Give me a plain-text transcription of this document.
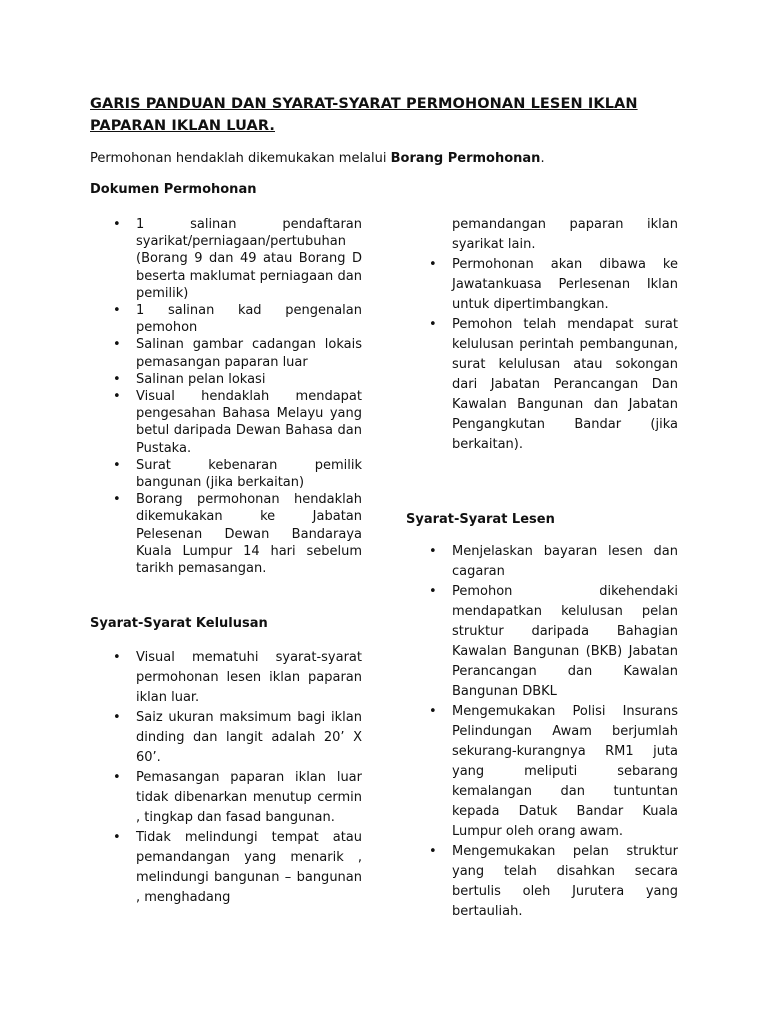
GARIS PANDUAN DAN SYARAT-SYARAT PERMOHONAN LESEN IKLAN PAPARAN IKLAN LUAR.
Permohonan hendaklah dikemukakan melalui Borang Permohonan.
Dokumen Permohonan
• 1 salinan pendaftaran syarikat/perniagaan/pertubuhan (Borang 9 dan 49 atau Borang D beserta maklumat perniagaan dan pemilik)
• 1 salinan kad pengenalan pemohon
• Salinan gambar cadangan lokais pemasangan paparan luar
• Salinan pelan lokasi
• Visual hendaklah mendapat pengesahan Bahasa Melayu yang betul daripada Dewan Bahasa dan Pustaka.
• Surat kebenaran pemilik bangunan (jika berkaitan)
• Borang permohonan hendaklah dikemukakan ke Jabatan Pelesenan Dewan Bandaraya Kuala Lumpur 14 hari sebelum tarikh pemasangan.
Syarat-Syarat Kelulusan
• Visual mematuhi syarat-syarat permohonan lesen iklan paparan iklan luar.
• Saiz ukuran maksimum bagi iklan dinding dan langit adalah 20’ X 60’.
• Pemasangan paparan iklan luar tidak dibenarkan menutup cermin , tingkap dan fasad bangunan.
• Tidak melindungi tempat atau pemandangan yang menarik , melindungi bangunan – bangunan , menghadang
pemandangan paparan iklan syarikat lain.
• Permohonan akan dibawa ke Jawatankuasa Perlesenan Iklan untuk dipertimbangkan.
• Pemohon telah mendapat surat kelulusan perintah pembangunan, surat kelulusan atau sokongan dari Jabatan Perancangan Dan Kawalan Bangunan dan Jabatan Pengangkutan Bandar (jika berkaitan).
Syarat-Syarat Lesen
• Menjelaskan bayaran lesen dan cagaran
• Pemohon dikehendaki mendapatkan kelulusan pelan struktur daripada Bahagian Kawalan Bangunan (BKB) Jabatan Perancangan dan Kawalan Bangunan DBKL
• Mengemukakan Polisi Insurans Pelindungan Awam berjumlah sekurang-kurangnya RM1 juta yang meliputi sebarang kemalangan dan tuntuntan kepada Datuk Bandar Kuala Lumpur oleh orang awam.
• Mengemukakan pelan struktur yang telah disahkan secara bertulis oleh Jurutera yang bertauliah.
